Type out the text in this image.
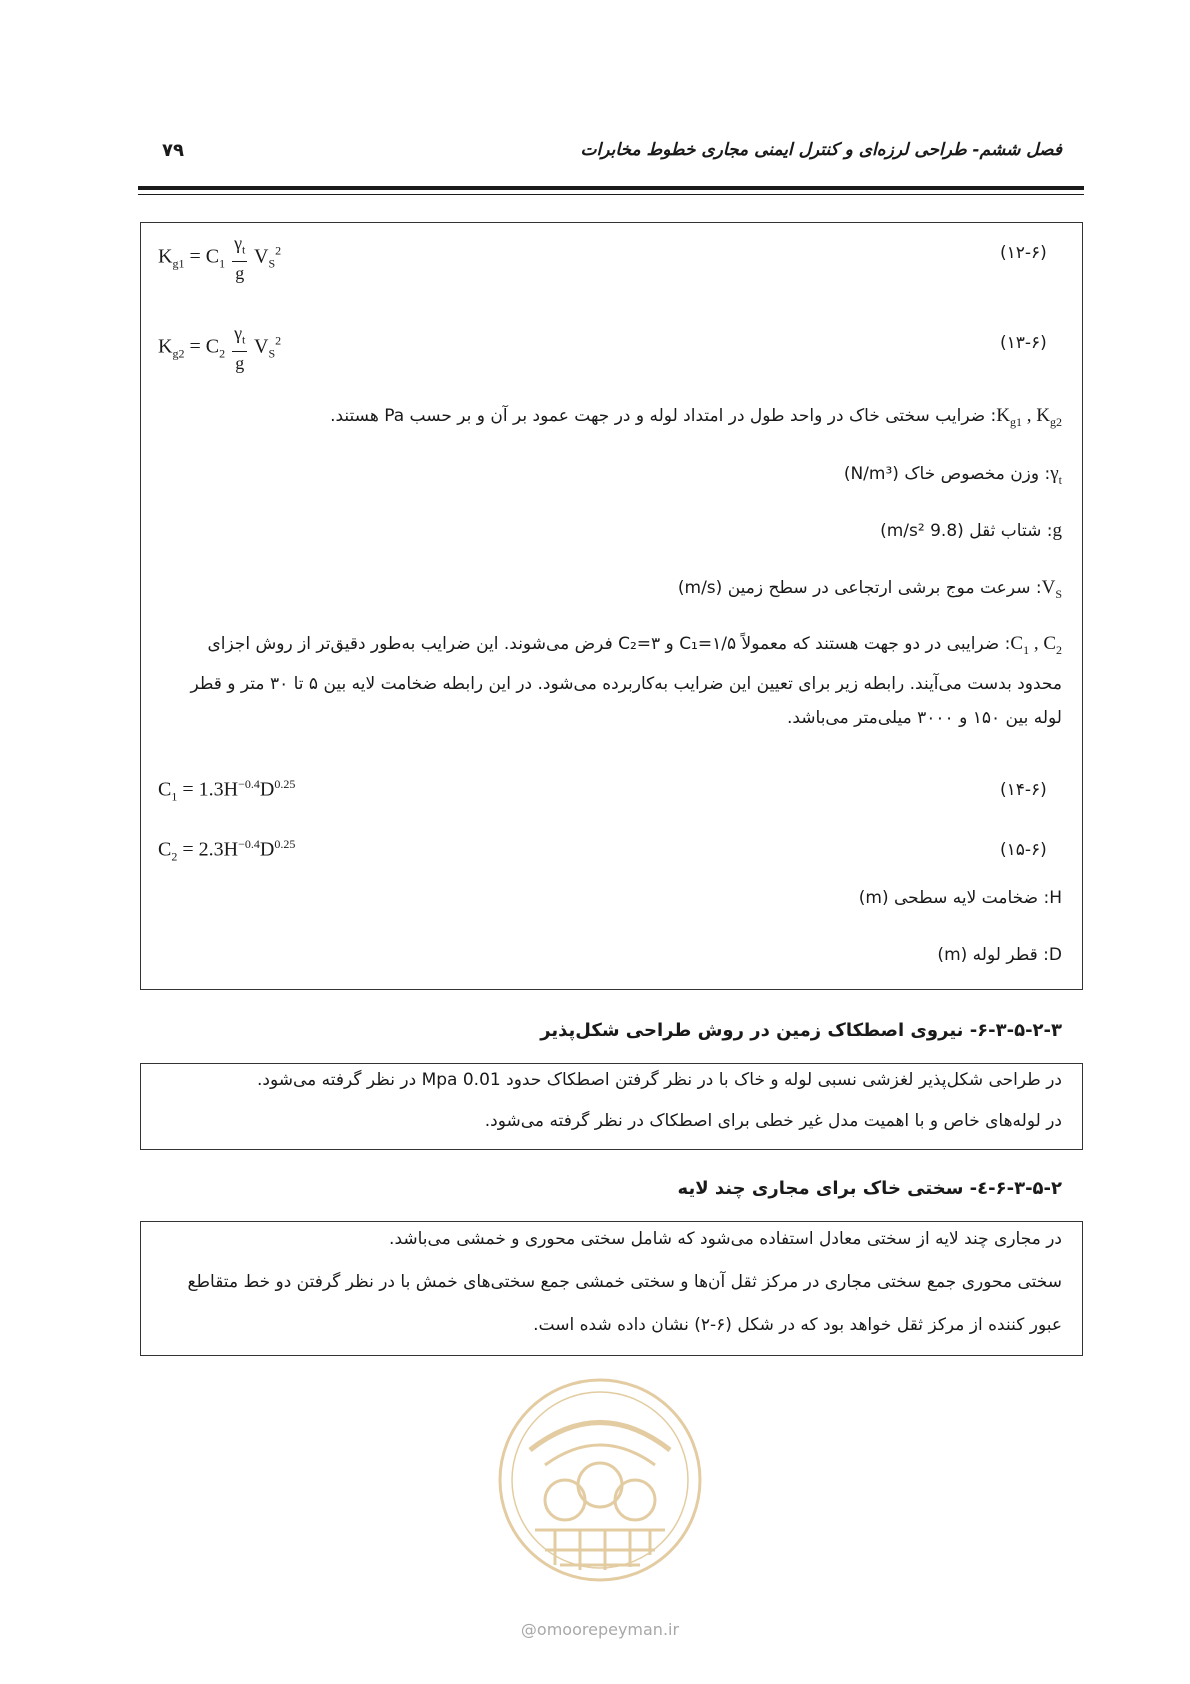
فصل ششم- طراحی لرزه‌ای و کنترل ایمنی مجاری خطوط مخابرات
۷۹
$K_{g1} = C_1 \frac{\gamma_t}{g} V_S^2$	(۱۲-۶)
$K_{g2} = C_2 \frac{\gamma_t}{g} V_S^2$	(۱۳-۶)
$K_{g1}$ , $K_{g2}$: ضرایب سختی خاک در واحد طول در امتداد لوله و در جهت عمود بر آن و بر حسب Pa هستند.
$\gamma_t$: وزن مخصوص خاک (N/m³)
g: شتاب ثقل (9.8 m/s²)
$V_S$: سرعت موج برشی ارتجاعی در سطح زمین (m/s)
$C_1$ , $C_2$: ضرایبی در دو جهت هستند که معمولاً C₁=۱/۵ و C₂=۳ فرض می‌شوند. این ضرایب به‌طور دقیق‌تر از روش اجزای
محدود بدست می‌آیند. رابطه زیر برای تعیین این ضرایب به‌کاربرده می‌شود. در این رابطه ضخامت لایه بین ۵ تا ۳۰ متر و قطر
لوله بین ۱۵۰ و ۳۰۰۰ میلی‌متر می‌باشد.
$C_1 = 1.3H^{-0.4}D^{0.25}$	(۱۴-۶)
$C_2 = 2.3H^{-0.4}D^{0.25}$	(۱۵-۶)
H: ضخامت لایه سطحی (m)
D: قطر لوله (m)
۶-۳-۵-۲-۳- نیروی اصطکاک زمین در روش طراحی شکل‌پذیر
در طراحی شکل‌پذیر لغزشی نسبی لوله و خاک با در نظر گرفتن اصطکاک حدود 0.01 Mpa در نظر گرفته می‌شود.
در لوله‌های خاص و با اهمیت مدل غیر خطی برای اصطکاک در نظر گرفته می‌شود.
۶-۳-۵-۲-٤- سختی خاک برای مجاری چند لایه
در مجاری چند لایه از سختی معادل استفاده می‌شود که شامل سختی محوری و خمشی می‌باشد.
سختی محوری جمع سختی مجاری در مرکز ثقل آن‌ها و سختی خمشی جمع سختی‌های خمش با در نظر گرفتن دو خط متقاطع
عبور کننده از مرکز ثقل خواهد بود که در شکل (۶-۲) نشان داده شده است.
@omoorepeyman.ir
